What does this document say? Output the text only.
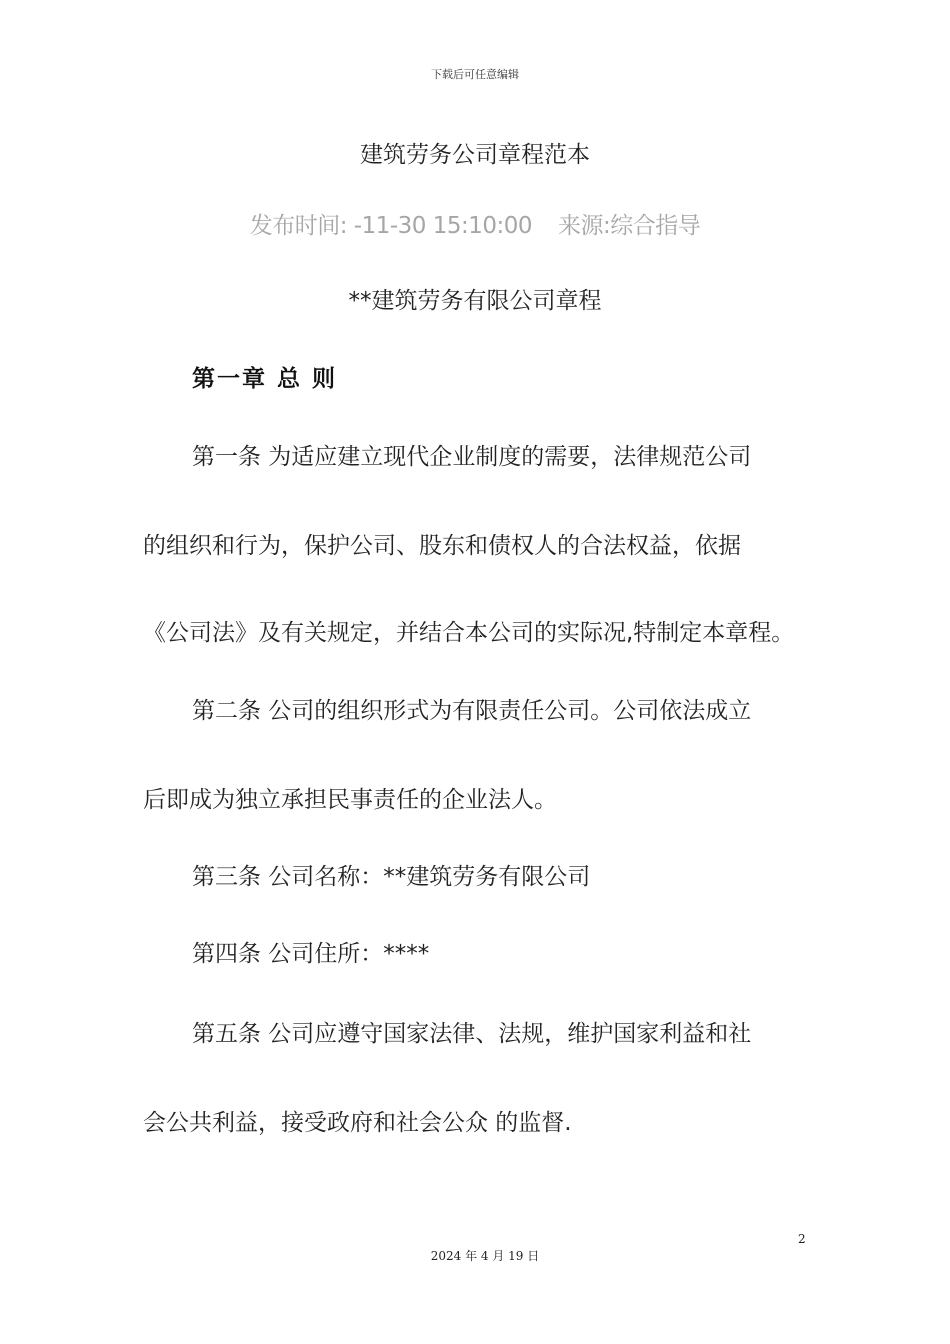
下载后可任意编辑
建筑劳务公司章程范本
发布时间: -11-30 15:10:00 来源:综合指导
**建筑劳务有限公司章程
第一章 总 则
第一条 为适应建立现代企业制度的需要，法律规范公司
的组织和行为，保护公司、股东和债权人的合法权益，依据
《公司法》及有关规定，并结合本公司的实际况,特制定本章程。
第二条 公司的组织形式为有限责任公司。公司依法成立
后即成为独立承担民事责任的企业法人。
第三条 公司名称：**建筑劳务有限公司
第四条 公司住所：****
第五条 公司应遵守国家法律、法规，维护国家利益和社
会公共利益，接受政府和社会公众 的监督.
2
2024 年 4 月 19 日
